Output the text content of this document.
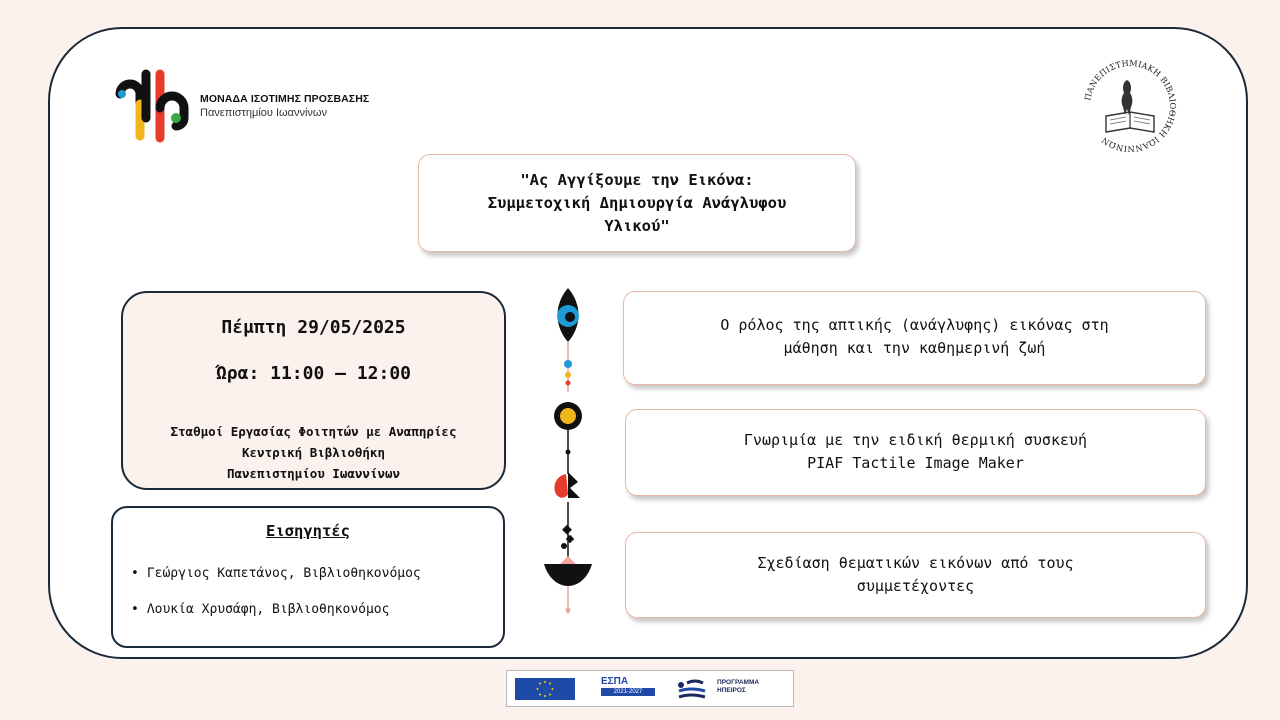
ΜΟΝΑΔΑ ΙΣΟΤΙΜΗΣ ΠΡΟΣΒΑΣΗΣ
Πανεπιστημίου Ιωαννίνων
ΠΑΝΕΠΙΣΤΗΜΙΑΚΗ ΒΙΒΛΙΟΘΗΚΗ ΙΩΑΝΝΙΝΩΝ
"Ας Αγγίξουμε την Εικόνα:
Συμμετοχική Δημιουργία Ανάγλυφου
Υλικού"
Πέμπτη 29/05/2025
Ώρα: 11:00 – 12:00
Σταθμοί Εργασίας Φοιτητών με Αναπηρίες
Κεντρική Βιβλιοθήκη
Πανεπιστημίου Ιωαννίνων
Εισηγητές
• Γεώργιος Καπετάνος, Βιβλιοθηκονόμος
• Λουκία Χρυσάφη, Βιβλιοθηκονόμος
Ο ρόλος της απτικής (ανάγλυφης) εικόνας στη
μάθηση και την καθημερινή ζωή
Γνωριμία με την ειδική θερμική συσκευή
PIAF Tactile Image Maker
Σχεδίαση θεματικών εικόνων από τους
συμμετέχοντες
ΕΣΠΑ
2021-2027
ΠΡΟΓΡΑΜΜΑ
ΗΠΕΙΡΟΣ
